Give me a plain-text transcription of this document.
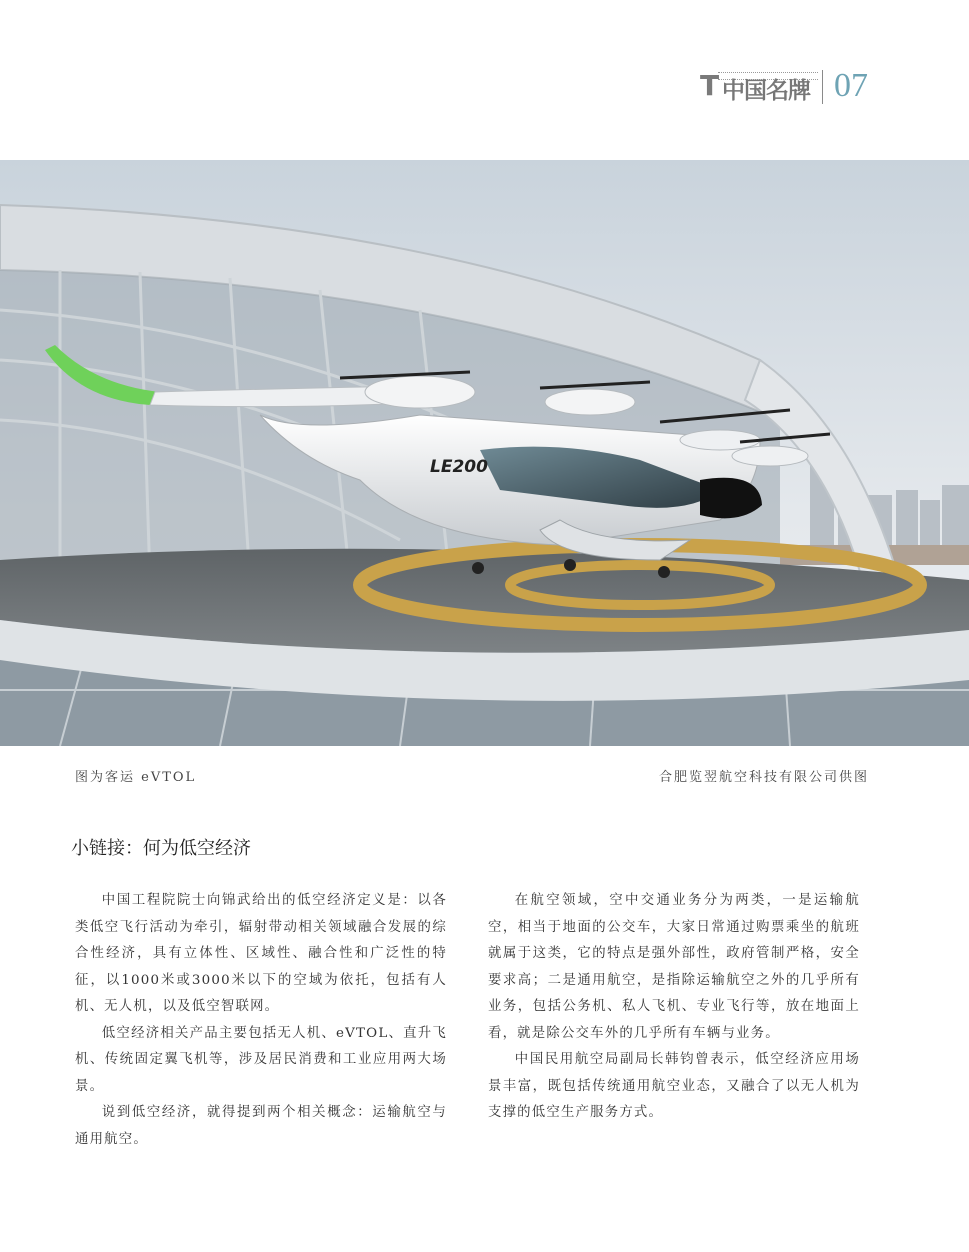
T 中国名牌 07
LE200
图为客运 eVTOL	合肥览翌航空科技有限公司供图
小链接：何为低空经济

中国工程院院士向锦武给出的低空经济定义是：以各类低空飞行活动为牵引，辐射带动相关领域融合发展的综合性经济，具有立体性、区域性、融合性和广泛性的特征，以1000米或3000米以下的空域为依托，包括有人机、无人机，以及低空智联网。

低空经济相关产品主要包括无人机、eVTOL、直升飞机、传统固定翼飞机等，涉及居民消费和工业应用两大场景。

说到低空经济，就得提到两个相关概念：运输航空与通用航空。

在航空领域，空中交通业务分为两类，一是运输航空，相当于地面的公交车，大家日常通过购票乘坐的航班就属于这类，它的特点是强外部性，政府管制严格，安全要求高；二是通用航空，是指除运输航空之外的几乎所有业务，包括公务机、私人飞机、专业飞行等，放在地面上看，就是除公交车外的几乎所有车辆与业务。

中国民用航空局副局长韩钧曾表示，低空经济应用场景丰富，既包括传统通用航空业态，又融合了以无人机为支撑的低空生产服务方式。
